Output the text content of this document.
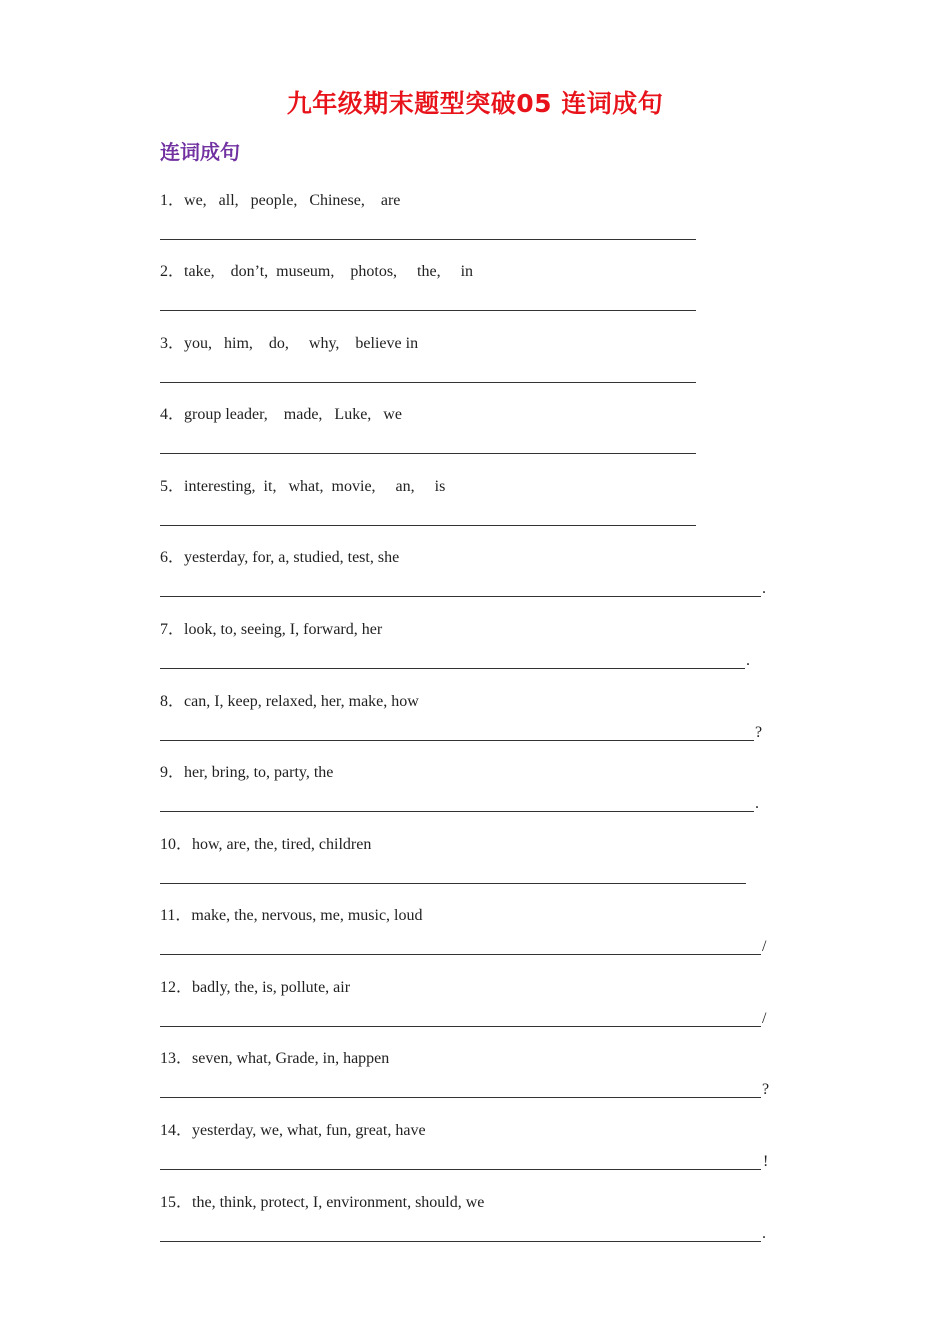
九年级期末题型突破05 连词成句
连词成句
1．we,   all,   people,   Chinese,    are
2．take,    don’t,  museum,    photos,     the,     in
3．you,   him,    do,     why,    believe in
4．group leader,    made,   Luke,   we
5．interesting,  it,   what,  movie,     an,     is
6．yesterday, for, a, studied, test, she
.
7．look, to, seeing, I, forward, her
.
8．can, I, keep, relaxed, her, make, how
?
9．her, bring, to, party, the
.
10．how, are, the, tired, children
11．make, the, nervous, me, music, loud
/
12．badly, the, is, pollute, air
/
13．seven, what, Grade, in, happen
?
14．yesterday, we, what, fun, great, have
!
15．the, think, protect, I, environment, should, we
.
